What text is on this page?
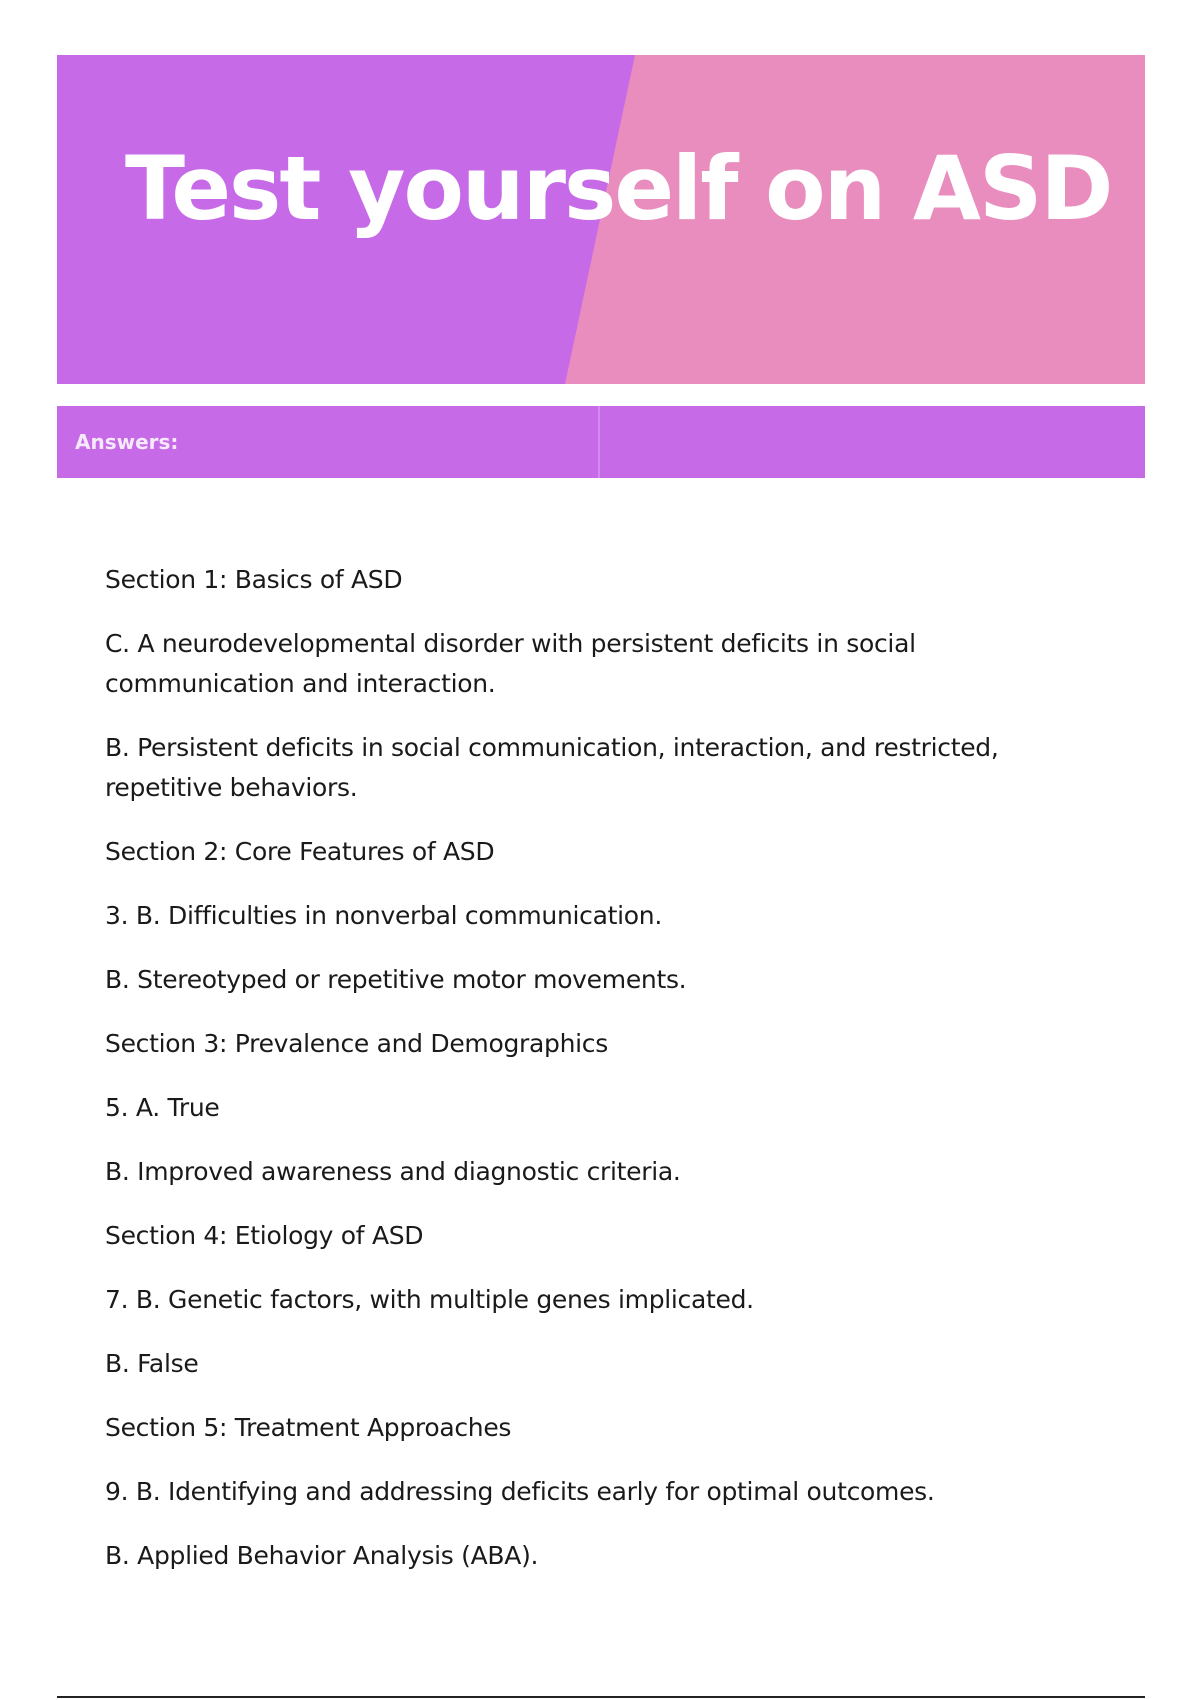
Test yourself on ASD
Answers:

Section 1: Basics of ASD

C. A neurodevelopmental disorder with persistent deficits in social communication and interaction.

B. Persistent deficits in social communication, interaction, and restricted, repetitive behaviors.

Section 2: Core Features of ASD

3. B. Difficulties in nonverbal communication.

B. Stereotyped or repetitive motor movements.

Section 3: Prevalence and Demographics

5. A. True

B. Improved awareness and diagnostic criteria.

Section 4: Etiology of ASD

7. B. Genetic factors, with multiple genes implicated.

B. False

Section 5: Treatment Approaches

9. B. Identifying and addressing deficits early for optimal outcomes.

B. Applied Behavior Analysis (ABA).
